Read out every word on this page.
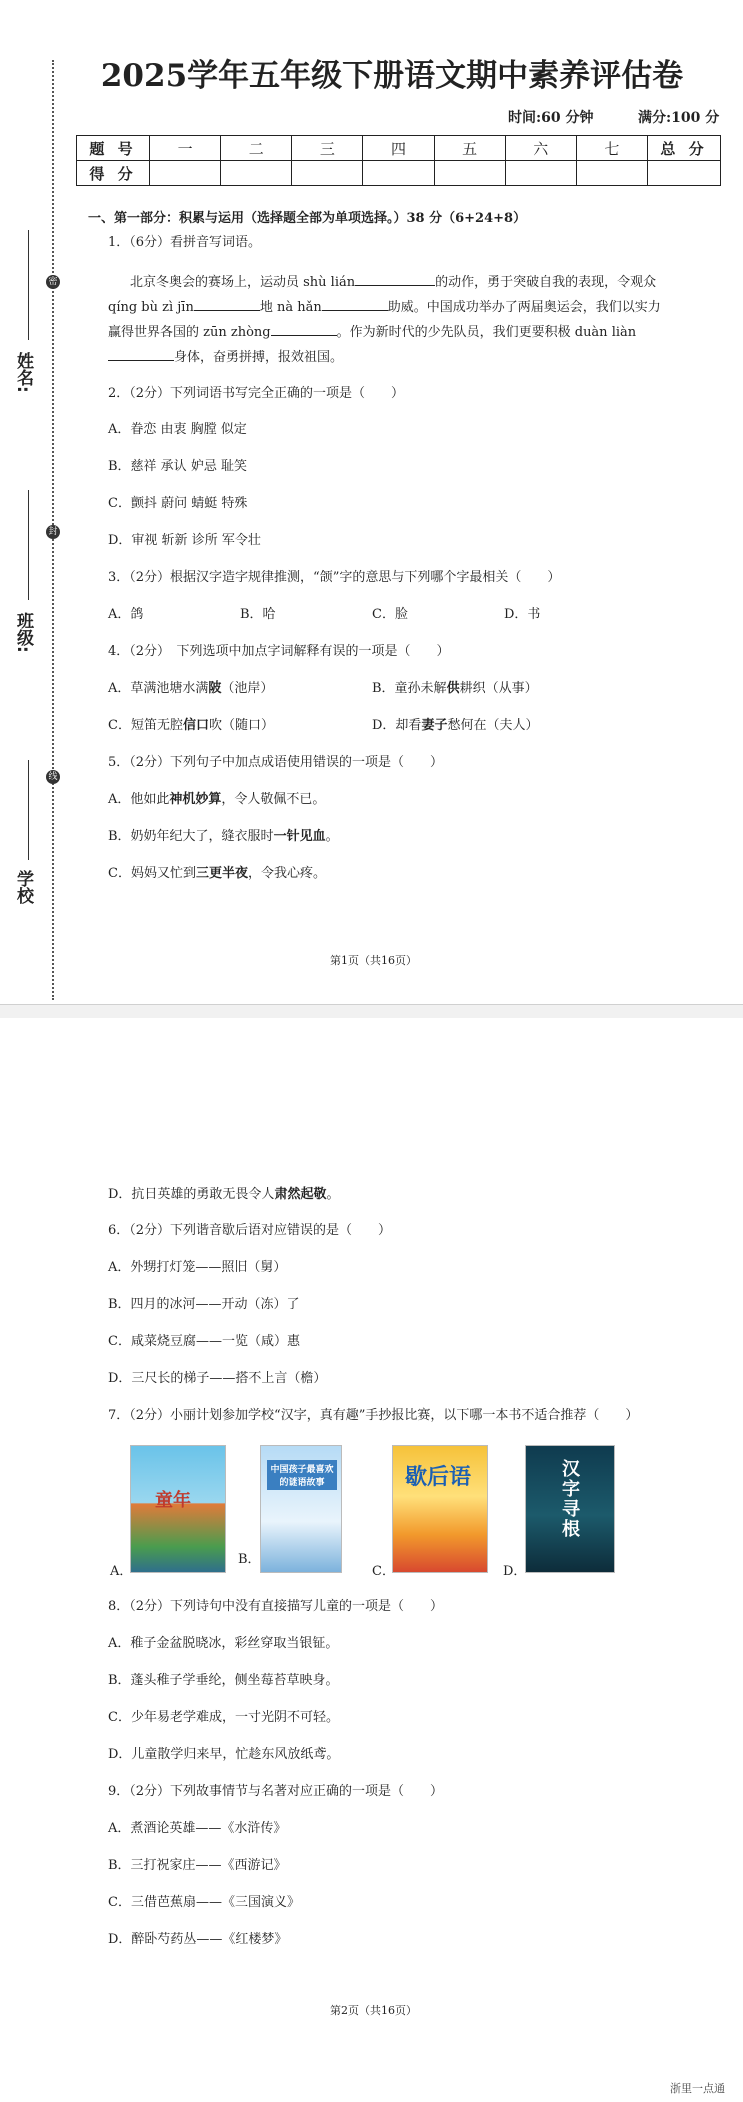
姓名:
班级:
学校
密
封
线
2025学年五年级下册语文期中素养评估卷
时间:60 分钟	满分:100 分
题 号	一	二	三	四	五	六	七	总 分
得 分								
一、第一部分：积累与运用（选择题全部为单项选择。）38 分（6+24+8）
1．（6分）看拼音写词语。
北京冬奥会的赛场上，运动员 shù lián	的动作，勇于突破自我的表现，令观众
qíng bù zì jīn	地 nà hǎn	助威。中国成功举办了两届奥运会，我们以实力
赢得世界各国的 zūn zhòng	。作为新时代的少先队员，我们更要积极 duàn liàn
身体，奋勇拼搏，报效祖国。
2．（2分）下列词语书写完全正确的一项是（　　）
A．眷恋 由衷 胸膛 似定
B．慈祥 承认 妒忌 耻笑
C．颤抖 蔚问 蜻蜓 特殊
D．审视 斩新 诊所 军令壮
3．（2分）根据汉字造字规律推测，“颌”字的意思与下列哪个字最相关（　　）
A．鸽	B．哈	C．脸	D．书
4．（2分）　下列选项中加点字词解释有误的一项是（　　）
A．草满池塘水满陂（池岸）	B．童孙未解供耕织（从事）
C．短笛无腔信口吹（随口）	D．却看妻子愁何在（夫人）
5．（2分）下列句子中加点成语使用错误的一项是（　　）
A．他如此神机妙算，令人敬佩不已。
B．奶奶年纪大了，缝衣服时一针见血。
C．妈妈又忙到三更半夜，令我心疼。
第1页（共16页）
D．抗日英雄的勇敢无畏令人肃然起敬。
6．（2分）下列谐音歇后语对应错误的是（　　）
A．外甥打灯笼——照旧（舅）
B．四月的冰河——开动（冻）了
C．咸菜烧豆腐——一览（咸）惠
D．三尺长的梯子——搭不上言（檐）
7．（2分）小丽计划参加学校“汉字，真有趣”手抄报比赛，以下哪一本书不适合推荐（　　）
童年
中国孩子最喜欢的谜语故事	歇后语	汉字寻根
A．
B．
C．	D．
8．（2分）下列诗句中没有直接描写儿童的一项是（　　）
A．稚子金盆脱晓冰，彩丝穿取当银钲。
B．蓬头稚子学垂纶，侧坐莓苔草映身。
C．少年易老学难成，一寸光阴不可轻。
D．儿童散学归来早，忙趁东风放纸鸢。
9．（2分）下列故事情节与名著对应正确的一项是（　　）
A．煮酒论英雄——《水浒传》
B．三打祝家庄——《西游记》
C．三借芭蕉扇——《三国演义》
D．醉卧芍药丛——《红楼梦》
第2页（共16页）
浙里一点通
